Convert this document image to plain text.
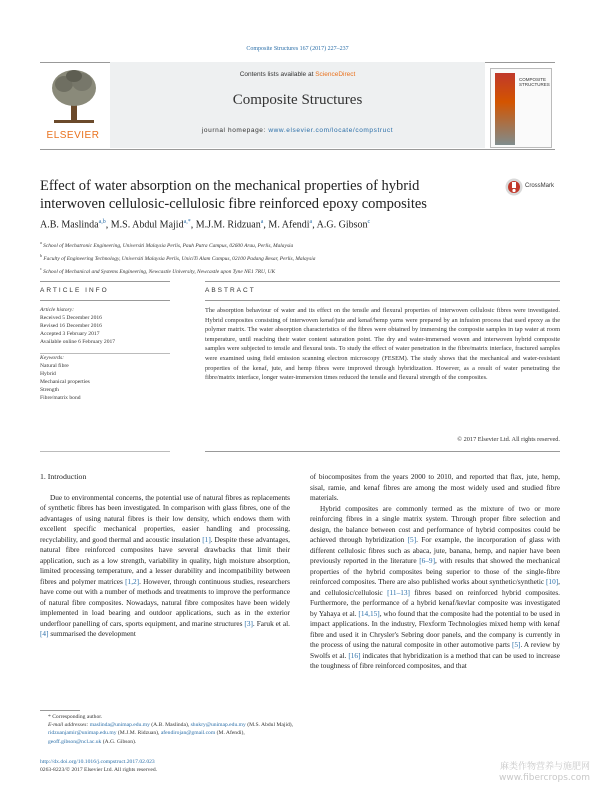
Composite Structures 167 (2017) 227–237
ELSEVIER
Contents lists available at ScienceDirect
Composite Structures
journal homepage: www.elsevier.com/locate/compstruct
COMPOSITE
STRUCTURES
Effect of water absorption on the mechanical properties of hybrid interwoven cellulosic-cellulosic fibre reinforced epoxy composites
CrossMark
A.B. Maslinda$^{a,b}$, M.S. Abdul Majid$^{a,*}$, M.J.M. Ridzuan$^a$, M. Afendi$^a$, A.G. Gibson$^c$
$^a$ School of Mechatronic Engineering, Universiti Malaysia Perlis, Pauh Putra Campus, 02600 Arau, Perlis, Malaysia
$^b$ Faculty of Engineering Technology, Universiti Malaysia Perlis, UniciTi Alam Campus, 02100 Padang Besar, Perlis, Malaysia
$^c$ School of Mechanical and Systems Engineering, Newcastle University, Newcastle upon Tyne NE1 7RU, UK
ARTICLE INFO	ABSTRACT
Article history:
Received 5 December 2016
Revised 16 December 2016
Accepted 3 February 2017
Available online 6 February 2017
Keywords:
Natural fibre
Hybrid
Mechanical properties
Strength
Fibre/matrix bond
The absorption behaviour of water and its effect on the tensile and flexural properties of interwoven cellulosic fibres were investigated. Hybrid composites consisting of interwoven kenaf/jute and kenaf/hemp yarns were prepared by an infusion process that used epoxy as the polymer matrix. The water absorption characteristics of the fibres were obtained by immersing the composite samples in tap water at room temperature, until reaching their water content saturation point. The dry and water-immersed woven and interwoven hybrid composite samples were subjected to tensile and flexural tests. To study the effect of water penetration in the fibre/matrix interface, fractured samples were examined using field emission scanning electron microscopy (FESEM). The study shows that the mechanical and water-resistant properties of the kenaf, jute, and hemp fibres were improved through hybridization. However, as a result of water penetrating the fibre/matrix interface, longer water-immersion times reduced the tensile and flexural strength of the composites.
© 2017 Elsevier Ltd. All rights reserved.
1. Introduction

Due to environmental concerns, the potential use of natural fibres as replacements of synthetic fibres has been investigated. In comparison with glass fibres, one of the advantages of using natural fibres is their low density, which endows them with excellent specific mechanical properties, easier handling and processing, recyclability, and good thermal and acoustic insulation [1]. Despite these advantages, natural fibre reinforced composites have several drawbacks that limit their application, such as a low strength, variability in quality, high moisture absorption, limited processing temperature, and a lesser durability and incompatibility between fibres and polymer matrices [1,2]. However, through continuous studies, researchers have come out with a number of methods and treatments to improve the performance of natural fibre composites. Nowadays, natural fibre composites have been widely implemented in load bearing and outdoor applications, such as in the exterior underfloor panelling of cars, sports equipment, and marine structures [3]. Faruk et al. [4] summarised the development

of biocomposites from the years 2000 to 2010, and reported that flax, jute, hemp, sisal, ramie, and kenaf fibres are among the most widely used and studied fibre materials.

Hybrid composites are commonly termed as the mixture of two or more reinforcing fibres in a single matrix system. Through proper fibre selection and design, the balance between cost and performance of hybrid composites could be achieved through hybridization [5]. For example, the incorporation of glass with different cellulosic fibres such as abaca, jute, banana, hemp, and napier have been previously reported in the literature [6–9], with results that showed the mechanical properties of the hybrid composites being superior to those of the single-fibre reinforced composites. There are also published works about synthetic/synthetic [10], and cellulosic/cellulosic [11–13] fibres based on reinforced hybrid composites. Furthermore, the performance of a hybrid kenaf/kevlar composite was investigated by Yahaya et al. [14,15], who found that the composite had the potential to be used in impact applications. In the industry, Flexform Technologies mixed hemp with kenaf fibre and used it in Chrysler's Sebring door panels, and the company is currently in the process of using the natural composite in other automotive parts [5]. A review by Swolfs et al. [16] indicates that hybridization is a method that can be used to increase the toughness of fibre reinforced composites, and that

* Corresponding author.
E-mail addresses: maslinda@unimap.edu.my (A.B. Maslinda), shukry@unimap.edu.my (M.S. Abdul Majid), ridzuanjamir@unimap.edu.my (M.J.M. Ridzuan), afendirojan@gmail.com (M. Afendi), geoff.gibson@ncl.ac.uk (A.G. Gibson).
http://dx.doi.org/10.1016/j.compstruct.2017.02.023
0263-8223/© 2017 Elsevier Ltd. All rights reserved.	麻类作物营养与施肥网
www.fibercrops.com
